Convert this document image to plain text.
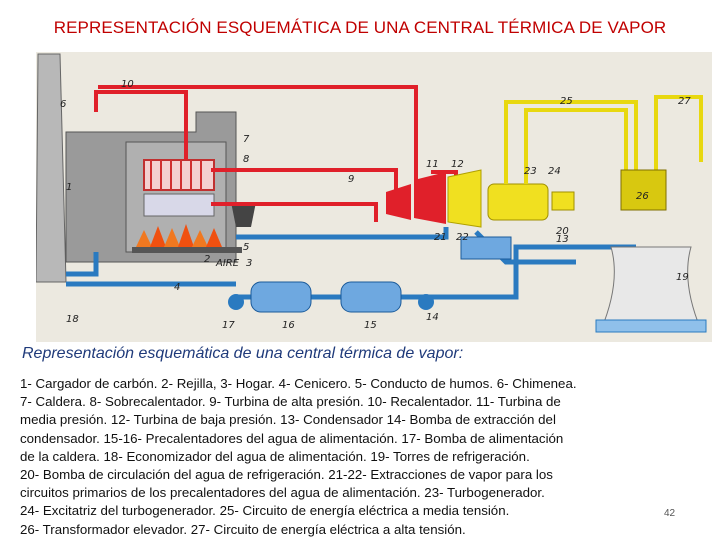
REPRESENTACIÓN ESQUEMÁTICA DE UNA CENTRAL TÉRMICA DE VAPOR
AIRE
1
2	3
4
5
6
7
8
9
10
11 12
13
14
15
16
17
18
19
20
21 22
23 24
25
26
27
Representación esquemática de una central térmica de vapor:

1- Cargador de carbón. 2- Rejilla, 3- Hogar. 4- Cenicero. 5- Conducto de humos. 6- Chimenea.

7- Caldera. 8- Sobrecalentador. 9- Turbina de alta presión. 10- Recalentador. 11- Turbina de

media presión. 12- Turbina de baja presión. 13- Condensador 14- Bomba de extracción del

condensador. 15-16- Precalentadores del agua de alimentación. 17- Bomba de alimentación

de la caldera. 18- Economizador del agua de alimentación. 19- Torres de refrigeración.

20- Bomba de circulación del agua de refrigeración. 21-22- Extracciones de vapor para los

circuitos primarios de los precalentadores del agua de alimentación. 23- Turbogenerador.

24- Excitatriz del turbogenerador. 25- Circuito de energía eléctrica a media tensión.

26- Transformador elevador. 27- Circuito de energía eléctrica a alta tensión.

42
